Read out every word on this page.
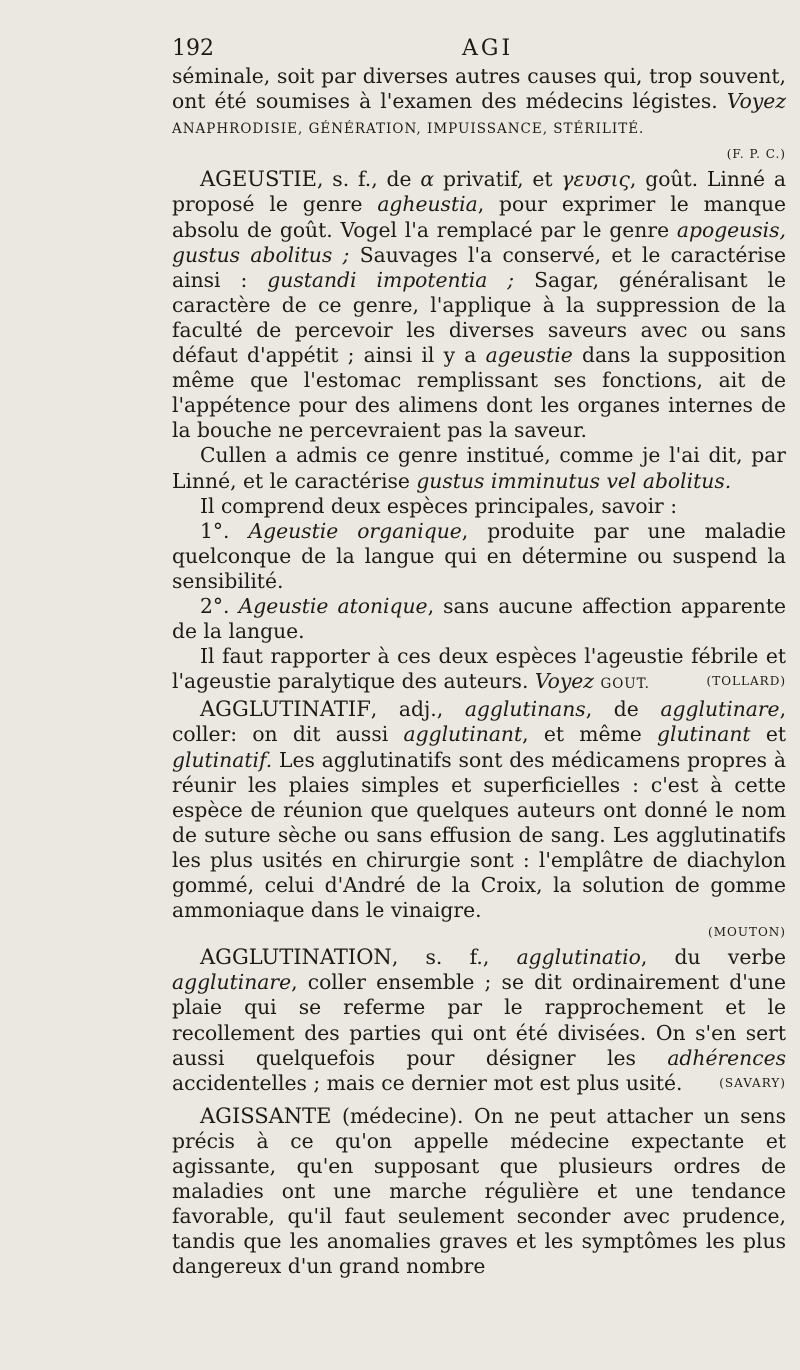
192	AGI

séminale, soit par diverses autres causes qui, trop souvent, ont été soumises à l'examen des médecins légistes. Voyez ANAPHRODISIE, GÉNÉRATION, IMPUISSANCE, STÉRILITÉ.

(F. P. C.)

AGEUSTIE, s. f., de α privatif, et γευσις, goût. Linné a proposé le genre agheustia, pour exprimer le manque absolu de goût. Vogel l'a remplacé par le genre apogeusis, gustus abolitus ; Sauvages l'a conservé, et le caractérise ainsi : gustandi impotentia ; Sagar, généralisant le caractère de ce genre, l'applique à la suppression de la faculté de percevoir les diverses saveurs avec ou sans défaut d'appétit ; ainsi il y a ageustie dans la supposition même que l'estomac remplissant ses fonctions, ait de l'appétence pour des alimens dont les organes internes de la bouche ne percevraient pas la saveur.

Cullen a admis ce genre institué, comme je l'ai dit, par Linné, et le caractérise gustus imminutus vel abolitus.

Il comprend deux espèces principales, savoir :

1°. Ageustie organique, produite par une maladie quelconque de la langue qui en détermine ou suspend la sensibilité.

2°. Ageustie atonique, sans aucune affection apparente de la langue.

Il faut rapporter à ces deux espèces l'ageustie fébrile et l'ageustie paralytique des auteurs. Voyez GOUT.	(TOLLARD)

AGGLUTINATIF, adj., agglutinans, de agglutinare, coller: on dit aussi agglutinant, et même glutinant et glutinatif. Les agglutinatifs sont des médicamens propres à réunir les plaies simples et superficielles : c'est à cette espèce de réunion que quelques auteurs ont donné le nom de suture sèche ou sans effusion de sang. Les agglutinatifs les plus usités en chirurgie sont : l'emplâtre de diachylon gommé, celui d'André de la Croix, la solution de gomme ammoniaque dans le vinaigre.

(MOUTON)

AGGLUTINATION, s. f., agglutinatio, du verbe agglutinare, coller ensemble ; se dit ordinairement d'une plaie qui se referme par le rapprochement et le recollement des parties qui ont été divisées. On s'en sert aussi quelquefois pour désigner les adhérences accidentelles ; mais ce dernier mot est plus usité.	(SAVARY)

AGISSANTE (médecine). On ne peut attacher un sens précis à ce qu'on appelle médecine expectante et agissante, qu'en supposant que plusieurs ordres de maladies ont une marche régulière et une tendance favorable, qu'il faut seulement seconder avec prudence, tandis que les anomalies graves et les symptômes les plus dangereux d'un grand nombre
